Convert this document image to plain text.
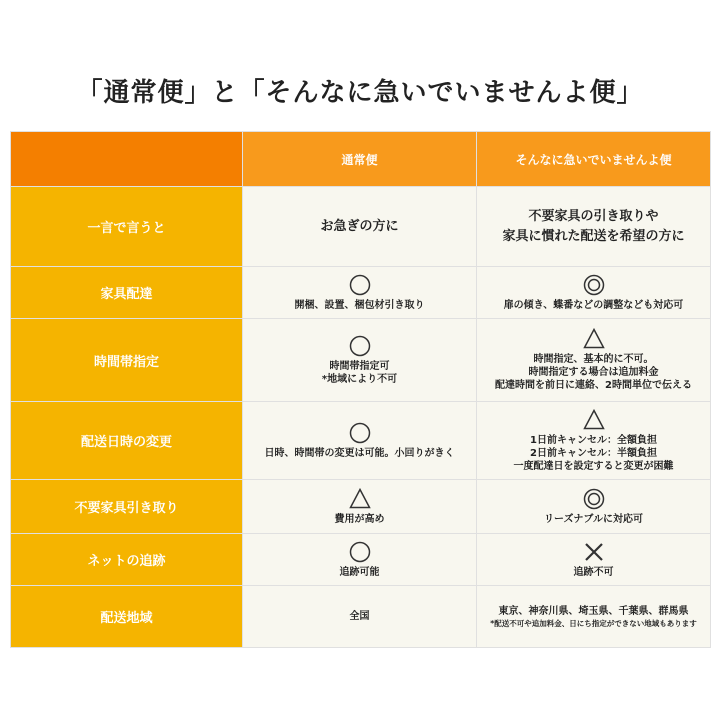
「通常便」と「そんなに急いでいませんよ便」
	通常便	そんなに急いでいませんよ便
一言で言うと	お急ぎの方に	不要家具の引き取りや
家具に慣れた配送を希望の方に

家具配達	開梱、設置、梱包材引き取り	扉の傾き、蝶番などの調整なども対応可

時間帯指定	時間帯指定可
*地域により不可	時間指定、基本的に不可。
時間指定する場合は追加料金
配達時間を前日に連絡、2時間単位で伝える

配送日時の変更	日時、時間帯の変更は可能。小回りがきく	1日前キャンセル：全額負担
2日前キャンセル：半額負担
一度配達日を設定すると変更が困難

不要家具引き取り	費用が高め	リーズナブルに対応可

ネットの追跡	追跡可能	追跡不可

配送地域	全国	東京、神奈川県、埼玉県、千葉県、群馬県
*配送不可や追加料金、日にち指定ができない地域もあります
